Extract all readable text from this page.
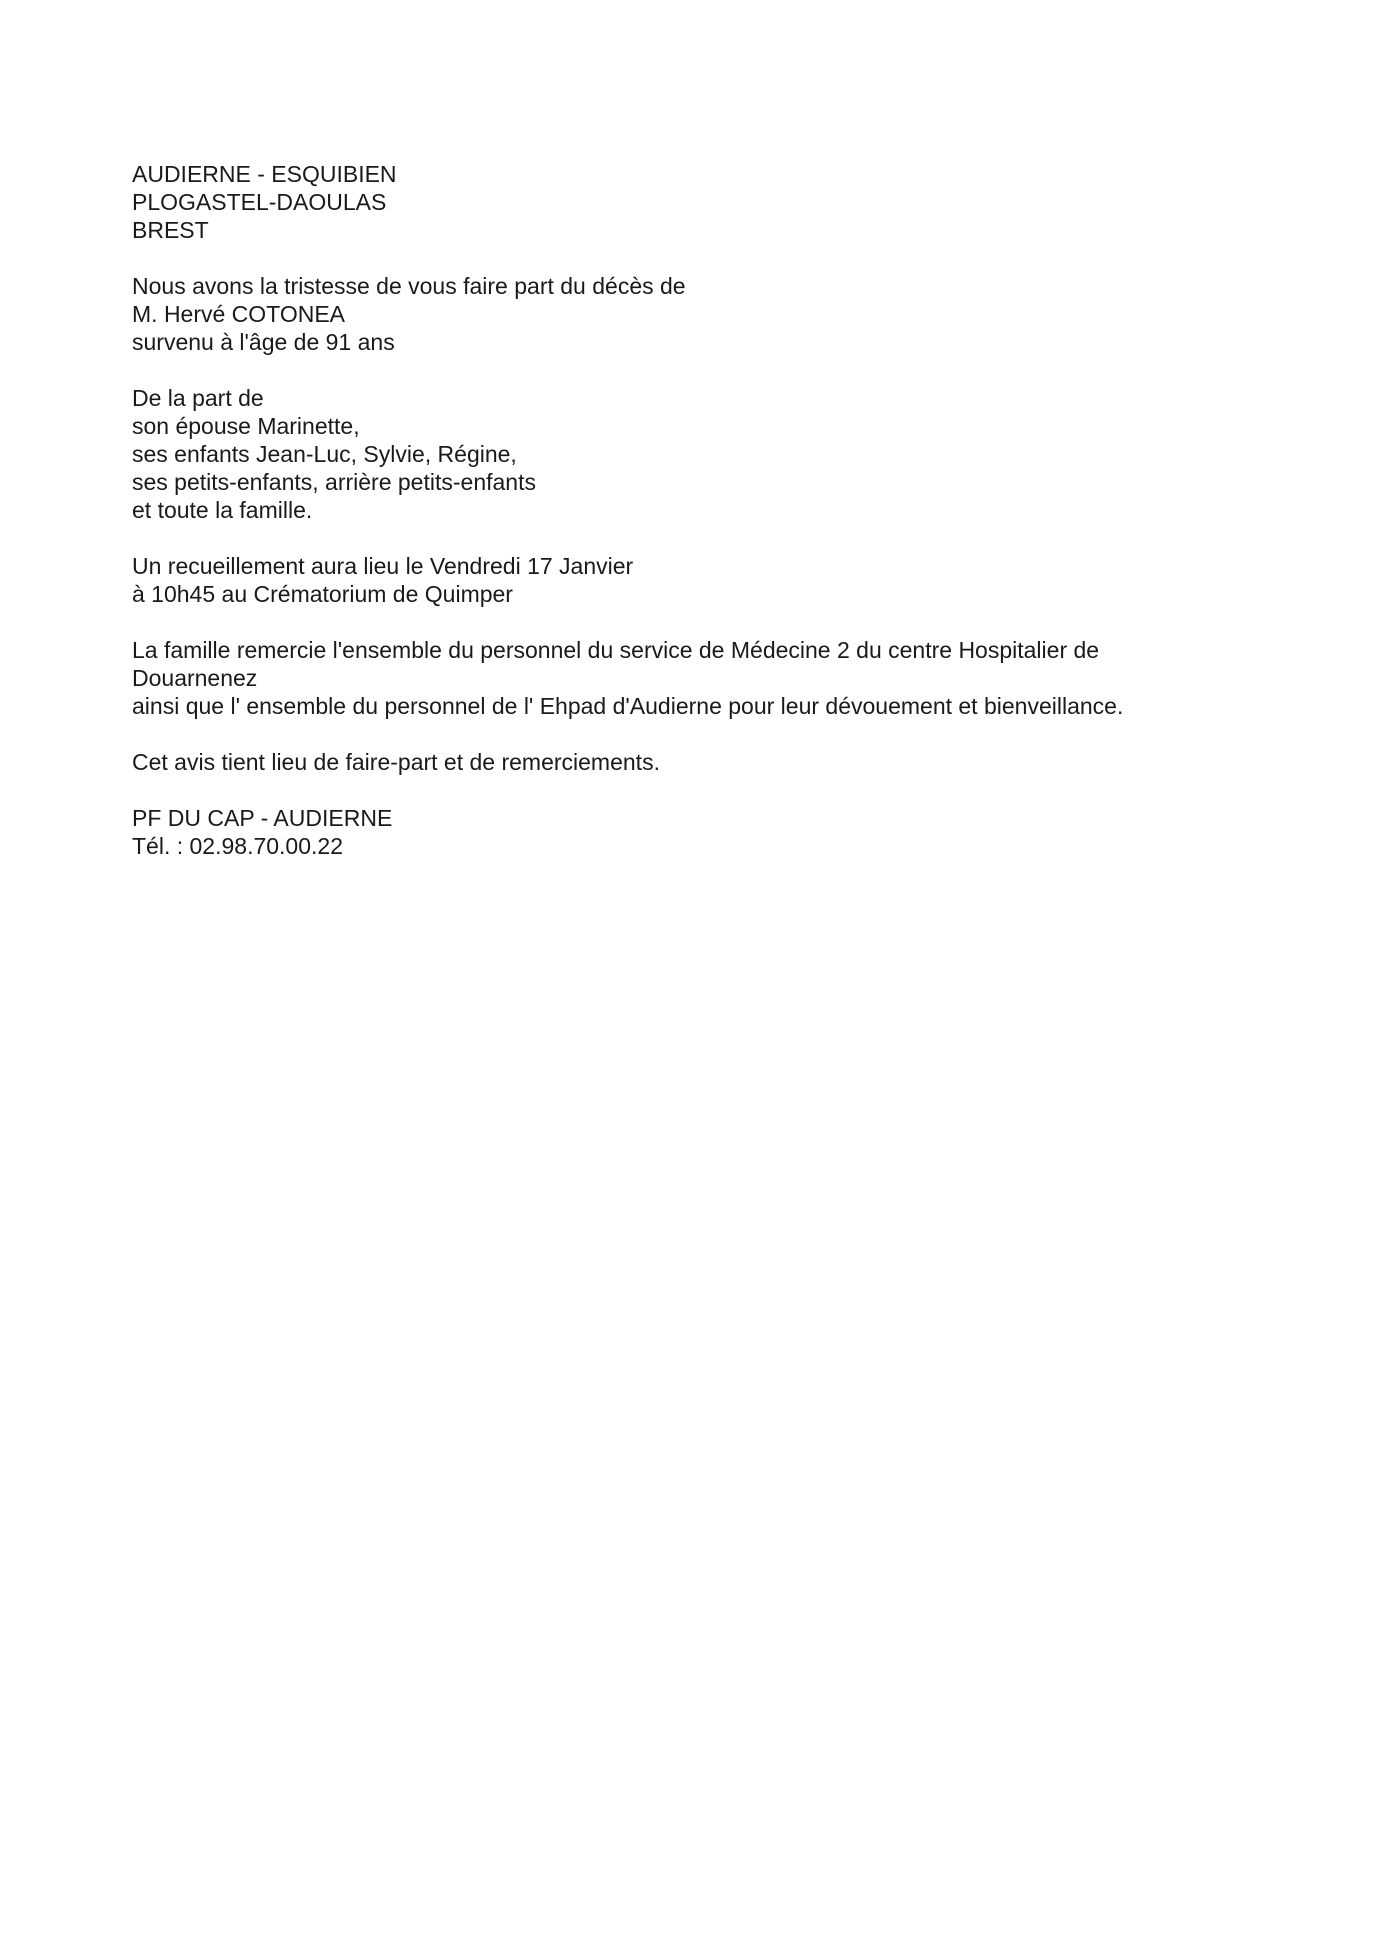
AUDIERNE - ESQUIBIEN
PLOGASTEL-DAOULAS
BREST
Nous avons la tristesse de vous faire part du décès de
M. Hervé COTONEA
survenu à l'âge de 91 ans
De la part de
son épouse Marinette,
ses enfants Jean-Luc, Sylvie, Régine,
ses petits-enfants, arrière petits-enfants
et toute la famille.
Un recueillement aura lieu le Vendredi 17 Janvier
à 10h45 au Crématorium de Quimper
La famille remercie l'ensemble du personnel du service de Médecine 2 du centre Hospitalier de
Douarnenez
ainsi que l' ensemble du personnel de l' Ehpad d'Audierne pour leur dévouement et bienveillance.
Cet avis tient lieu de faire-part et de remerciements.
PF DU CAP - AUDIERNE
Tél. : 02.98.70.00.22
